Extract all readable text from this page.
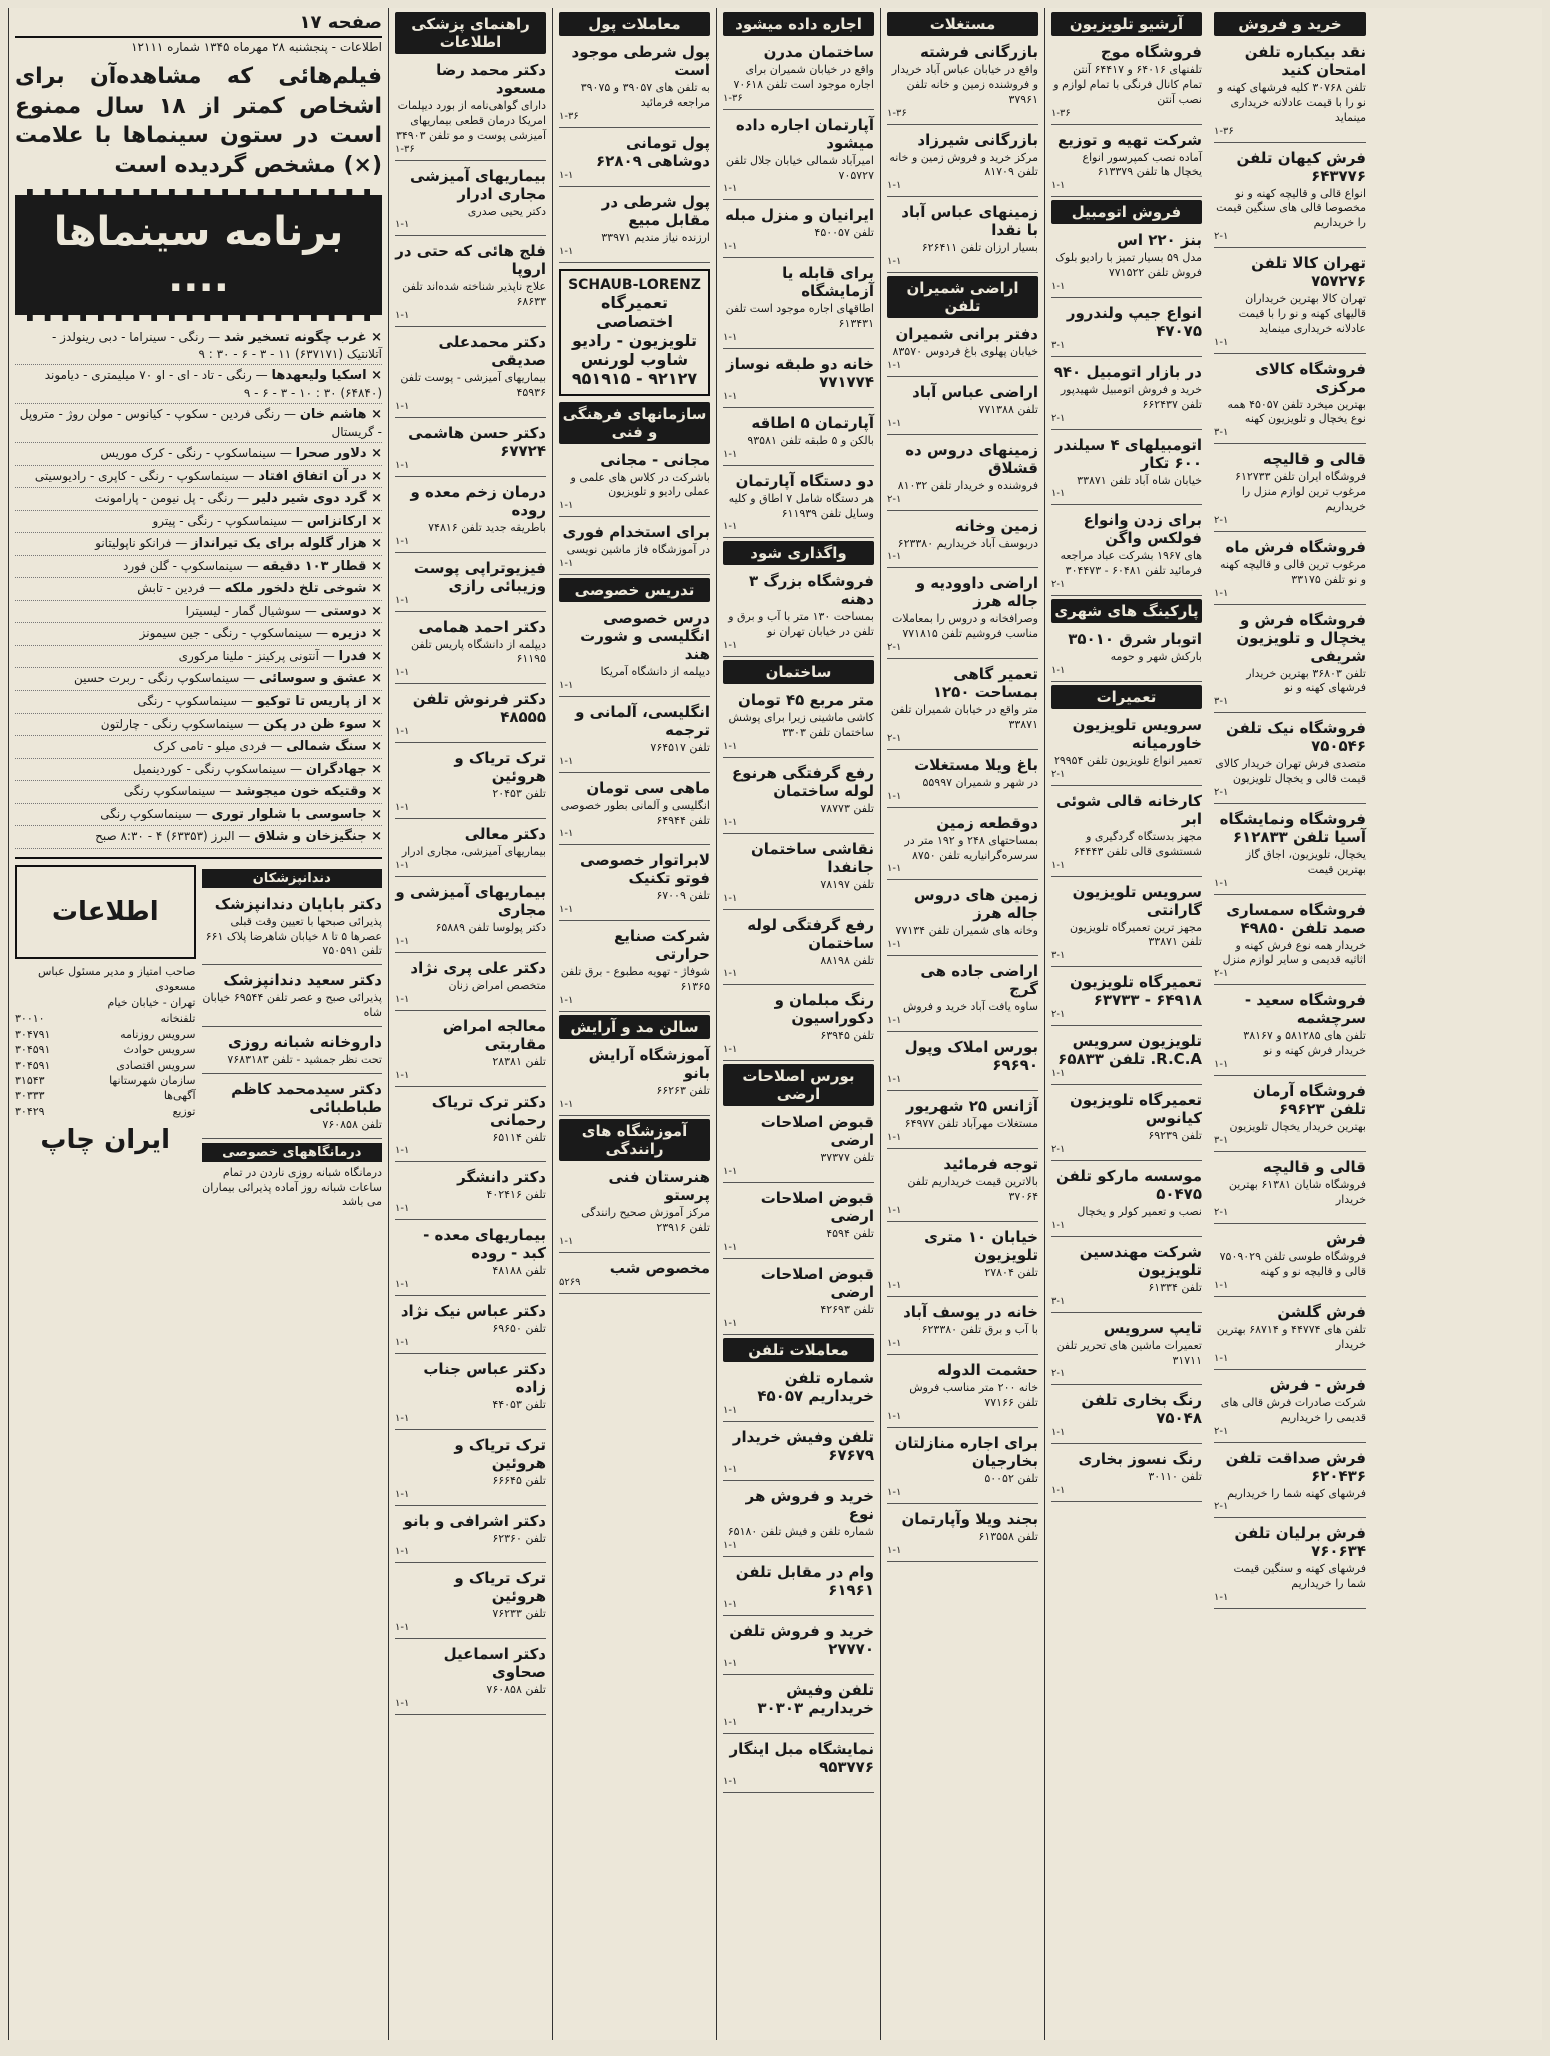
صفحه ۱۷
اطلاعات - پنجشنبه ۲۸ مهرماه ۱۳۴۵ شماره ۱۲۱۱۱
فیلم‌هائی که مشاهده‌آن برای اشخاص کمتر از ۱۸ سال ممنوع است در ستون سینماها با علامت (×) مشخص گردیده است
برنامه سینماها ....
× غرب چگونه تسخیر شد — رنگی - سینراما - دبی رینولدز - آتلانتیک (۶۳۷۱۷۱) ۱۱ - ۳ - ۶ - ۳۰ : ۹
× اسکیا ولیعهدها — رنگی - تاد - ای - او ۷۰ میلیمتری - دیاموند (۶۴۸۴۰) ۳۰ : ۱۰ - ۳ - ۶ - ۹
× هاشم خان — رنگی فردین - سکوپ - کیانوس - مولن روژ - متروپل - گریستال
× دلاور صحرا — سینماسکوپ - رنگی - کرک موریس
× در آن اتفاق افتاد — سینماسکوپ - رنگی - کاپری - رادیوسیتی
× گرد دوی شیر دلیر — رنگی - پل نیومن - پارامونت
× ارکانزاس — سینماسکوپ - رنگی - پیترو
× هزار گلوله برای یک تیرانداز — فرانکو ناپولیتانو
× قطار ۱۰۳ دقیقه — سینماسکوپ - گلن فورد
× شوخی تلخ دلخور ملکه — فردین - تابش
× دوستی — سوشیال گمار - لیسیترا
× دزیره — سینماسکوپ - رنگی - جین سیمونز
× فدرا — آنتونی پرکینز - ملینا مرکوری
× عشق و سوسائی — سینماسکوپ رنگی - ربرت حسین
× از پاریس تا توکیو — سینماسکوپ - رنگی
× سوء ظن در پکن — سینماسکوپ رنگی - چارلتون
× سنگ شمالی — فردی میلو - تامی کرک
× جهادگران — سینماسکوپ رنگی - کوردینمیل
× وقتیکه خون میجوشد — سینماسکوپ رنگی
× جاسوسی با شلوار توری — سینماسکوپ رنگی
× جنگیزخان و شلاق — البرز (۶۳۳۵۳) ۴ - ۸:۳۰ صبح
دندانپزشکان
دکتر بابایان دندانپزشک
پذیرائی صبحها با تعیین وقت قبلی عصرها ۵ تا ۸ خیابان شاهرضا پلاک ۶۶۱ تلفن ۷۵۰۵۹۱
دکتر سعید دندانپزشک
پذیرائی صبح و عصر تلفن ۶۹۵۴۴ خیابان شاه
داروخانه شبانه روزی
تحت نظر جمشید - تلفن ۷۶۸۳۱۸۳
دکتر سیدمحمد کاظم طباطبائی
تلفن ۷۶۰۸۵۸
درمانگاههای خصوصی
درمانگاه شبانه روزی ناردن در تمام ساعات شبانه روز آماده پذیرائی بیماران می باشد
اطلاعات
صاحب امتیاز و مدیر مسئول عباس مسعودی
تهران - خیابان خیام
تلفنخانه
۳۰۰۱۰
سرویس روزنامه
۳۰۴۷۹۱
سرویس حوادث
۳۰۴۵۹۱
سرویس اقتصادی
۳۰۴۵۹۱
سازمان شهرستانها
۳۱۵۴۳
آگهی‌ها
۳۰۳۳۳
توزیع
۳۰۴۲۹
ایران چاپ
راهنمای پزشکی اطلاعات
دکتر محمد رضا مسعود
دارای گواهی‌نامه از بورد دیپلمات امریکا درمان قطعی بیماریهای آمیزشی پوست و مو تلفن ۳۴۹۰۳
۱-۳۶
بیماریهای آمیزشی مجاری ادرار
دکتر یحیی صدری
۱-۱
فلج هائی که حتی در اروپا
علاج ناپذیر شناخته شده‌اند تلفن ۶۸۶۳۳
۱-۱
دکتر محمدعلی صدیقی
بیماریهای آمیزشی - پوست تلفن ۴۵۹۳۶
۱-۱
دکتر حسن هاشمی ۶۷۷۲۴
۱-۱
درمان زخم معده و روده
باطریقه جدید تلفن ۷۴۸۱۶
۱-۱
فیزیوتراپی پوست وزیبائی رازی
۱-۱
دکتر احمد همامی
دیپلمه از دانشگاه پاریس تلفن ۶۱۱۹۵
۱-۱
دکتر فرنوش تلفن ۴۸۵۵۵
۱-۱
ترک تریاک و هروئین
تلفن ۲۰۴۵۳
۱-۱
دکتر معالی
بیماریهای آمیزشی، مجاری ادرار
۱-۱
بیماریهای آمیزشی و مجاری
دکتر پولوسا تلفن ۶۵۸۸۹
۱-۱
دکتر علی پری نژاد
متخصص امراض زنان
۱-۱
معالجه امراض مقاربتی
تلفن ۲۸۳۸۱
۱-۱
دکتر ترک تریاک رحمانی
تلفن ۶۵۱۱۴
۱-۱
دکتر دانشگر
تلفن ۴۰۲۴۱۶
۱-۱
بیماریهای معده - کبد - روده
تلفن ۴۸۱۸۸
۱-۱
دکتر عباس نیک نژاد
تلفن ۶۹۶۵۰
۱-۱
دکتر عباس جناب زاده
تلفن ۴۴۰۵۳
۱-۱
ترک تریاک و هروئین
تلفن ۶۶۶۴۵
۱-۱
دکتر اشرافی و بانو
تلفن ۶۲۳۶۰
۱-۱
ترک تریاک و هروئین
تلفن ۷۶۲۳۳
۱-۱
دکتر اسماعیل صحاوی
تلفن ۷۶۰۸۵۸
۱-۱
معاملات پول
پول شرطی موجود است
به تلفن های ۳۹۰۵۷ و ۳۹۰۷۵ مراجعه فرمائید
۱-۳۶
پول تومانی دوشاهی ۶۲۸۰۹
۱-۱
پول شرطی در مقابل مبیع
ارزنده نیاز مندیم ۳۳۹۷۱
۱-۱
SCHAUB-LORENZ
تعمیرگاه اختصاصی تلویزیون - رادیو شاوب لورنس
۹۲۱۲۷ - ۹۵۱۹۱۵
سازمانهای فرهنگی و فنی
مجانی - مجانی
باشرکت در کلاس های علمی و عملی رادیو و تلویزیون
۱-۱
برای استخدام فوری
در آموزشگاه فاز ماشین نویسی
۱-۱
تدریس خصوصی
درس خصوصی انگلیسی و شورت هند
دیپلمه از دانشگاه آمریکا
۱-۱
انگلیسی، آلمانی و ترجمه
تلفن ۷۶۴۵۱۷
۱-۱
ماهی سی تومان
انگلیسی و آلمانی بطور خصوصی تلفن ۶۴۹۴۴
۱-۱
لابراتوار خصوصی فوتو تکنیک
تلفن ۶۷۰۰۹
۱-۱
شرکت صنایع حرارتی
شوفاژ - تهویه مطبوع - برق تلفن ۶۱۳۶۵
۱-۱
سالن مد و آرایش
آموزشگاه آرایش بانو
تلفن ۶۶۲۶۳
۱-۱
آموزشگاه های رانندگی
هنرستان فنی پرستو
مرکز آموزش صحیح رانندگی تلفن ۲۳۹۱۶
۱-۱
مخصوص شب
۵۲۶۹
اجاره داده میشود
ساختمان مدرن
واقع در خیابان شمیران برای اجاره موجود است تلفن ۷۰۶۱۸
۱-۳۶
آپارتمان اجاره داده میشود
امیرآباد شمالی خیابان جلال تلفن ۷۰۵۷۲۷
۱-۱
ایرانیان و منزل مبله
تلفن ۴۵۰۰۵۷
۱-۱
برای قابله یا آزمایشگاه
اطاقهای اجاره موجود است تلفن ۶۱۳۴۳۱
۱-۱
خانه دو طبقه نوساز ۷۷۱۷۷۴
۱-۱
آپارتمان ۵ اطاقه
بالکن و ۵ طبقه تلفن ۹۳۵۸۱
۱-۱
دو دستگاه آپارتمان
هر دستگاه شامل ۷ اطاق و کلیه وسایل تلفن ۶۱۱۹۳۹
۱-۱
واگذاری شود
فروشگاه بزرگ ۳ دهنه
بمساحت ۱۳۰ متر با آب و برق و تلفن در خیابان تهران نو
۱-۱
ساختمان
متر مربع ۴۵ تومان
کاشی ماشینی زیرا برای پوشش ساختمان تلفن ۳۳۰۳
۱-۱
رفع گرفتگی هرنوع لوله ساختمان
تلفن ۷۸۷۷۳
۱-۱
نقاشی ساختمان جانفدا
تلفن ۷۸۱۹۷
۱-۱
رفع گرفتگی لوله ساختمان
تلفن ۸۸۱۹۸
۱-۱
رنگ مبلمان و دکوراسیون
تلفن ۶۳۹۴۵
۱-۱
بورس اصلاحات ارضی
قبوض اصلاحات ارضی
تلفن ۳۷۳۷۷
۱-۱
قبوض اصلاحات ارضی
تلفن ۴۵۹۴
۱-۱
قبوض اصلاحات ارضی
تلفن ۴۲۶۹۳
۱-۱
معاملات تلفن
شماره تلفن خریداریم ۴۵۰۵۷
۱-۱
تلفن وفیش خریدار ۶۷۶۷۹
۱-۱
خرید و فروش هر نوع
شماره تلفن و فیش تلفن ۶۵۱۸۰
۱-۱
وام در مقابل تلفن ۶۱۹۶۱
۱-۱
خرید و فروش تلفن ۲۷۷۷۰
۱-۱
تلفن وفیش خریداریم ۳۰۳۰۳
۱-۱
نمایشگاه مبل اینگار ۹۵۳۷۷۶
۱-۱
مستغلات
بازرگانی فرشته
واقع در خیابان عباس آباد خریدار و فروشنده زمین و خانه تلفن ۳۷۹۶۱
۱-۳۶
بازرگانی شیرزاد
مرکز خرید و فروش زمین و خانه تلفن ۸۱۷۰۹
۱-۱
زمینهای عباس آباد با نقدا
بسیار ارزان تلفن ۶۲۶۴۱۱
۱-۱
اراضی شمیران تلفن
دفتر برانی شمیران
خیابان پهلوی باغ فردوس ۸۳۵۷۰
۱-۱
اراضی عباس آباد
تلفن ۷۷۱۳۸۸
۱-۱
زمینهای دروس ده قشلاق
فروشنده و خریدار تلفن ۸۱۰۳۲
۲-۱
زمین وخانه
دربوسف آباد خریداریم ۶۲۳۳۸۰
۱-۱
اراضی داوودیه و جاله هرز
وصرافخانه و دروس را بمعاملات مناسب فروشیم تلفن ۷۷۱۸۱۵
۲-۱
تعمیر گاهی بمساحت ۱۲۵۰
متر واقع در خیابان شمیران تلفن ۳۳۸۷۱
۲-۱
باغ ویلا مستغلات
در شهر و شمیران ۵۵۹۹۷
۱-۱
دوقطعه زمین
بمساحتهای ۲۴۸ و ۱۹۲ متر در سرسره‌گرانیاریه تلفن ۸۷۵۰
۱-۱
زمین های دروس جاله هرز
وخانه های شمیران تلفن ۷۷۱۳۴
۱-۱
اراضی جاده هی گرج
ساوه یافت آباد خرید و فروش
۱-۱
بورس املاک وپول ۶۹۶۹۰
۱-۱
آژانس ۲۵ شهریور
مستغلات مهرآباد تلفن ۶۴۹۷۷
۱-۱
توجه فرمائید
بالاترین قیمت خریداریم تلفن ۳۷۰۶۴
۱-۱
خیابان ۱۰ متری تلویزیون
تلفن ۲۷۸۰۴
۱-۱
خانه در یوسف آباد
با آب و برق تلفن ۶۲۳۳۸۰
۱-۱
حشمت الدوله
خانه ۲۰۰ متر مناسب فروش تلفن ۷۷۱۶۶
۱-۱
برای اجاره منازلتان بخارجیان
تلفن ۵۰۰۵۲
۱-۱
بجند ویلا وآپارتمان
تلفن ۶۱۳۵۵۸
۱-۱
آرشیو تلویزیون
فروشگاه موج
تلفنهای ۶۴۰۱۶ و ۶۴۴۱۷ آنتن تمام کانال فرنگی با تمام لوازم و نصب آنتن
۱-۳۶
شرکت تهیه و توزیع
آماده نصب کمپرسور انواع یخچال ها تلفن ۶۱۳۳۷۹
۱-۱
فروش اتومبیل
بنز ۲۲۰ اس
مدل ۵۹ بسیار تمیز با رادیو بلوک فروش تلفن ۷۷۱۵۲۲
۱-۱
انواع جیپ ولندرور ۴۷۰۷۵
۳-۱
در بازار اتومبیل ۹۴۰
خرید و فروش اتومبیل شهیدپور تلفن ۶۶۲۴۳۷
۲-۱
اتومبیلهای ۴ سیلندر ۶۰۰ تکار
خیابان شاه آباد تلفن ۳۳۸۷۱
۱-۱
برای زدن وانواع فولکس واگن
های ۱۹۶۷ بشرکت عباد مراجعه فرمائید تلفن ۶۰۴۸۱ - ۳۰۴۴۷۳
۲-۱
پارکینگ های شهری
اتوبار شرق ۳۵۰۱۰
بارکش شهر و حومه
۱-۱
تعمیرات
سرویس تلویزیون خاورمیانه
تعمیر انواع تلویزیون تلفن ۲۹۹۵۴
۲-۱
کارخانه قالی شوئی ابر
مجهز بدستگاه گردگیری و شستشوی قالی تلفن ۶۴۴۴۳
۱-۱
سرویس تلویزیون گارانتی
مجهز ترین تعمیرگاه تلویزیون تلفن ۳۳۸۷۱
۳-۱
تعمیرگاه تلویزیون ۶۴۹۱۸ - ۶۳۷۳۳
۲-۱
تلویزیون سرویس R.C.A. تلفن ۶۵۸۳۳
۱-۱
تعمیرگاه تلویزیون کیانوس
تلفن ۶۹۲۳۹
۲-۱
موسسه مارکو تلفن ۵۰۴۷۵
نصب و تعمیر کولر و یخچال
۱-۱
شرکت مهندسین تلویزیون
تلفن ۶۱۳۳۴
۳-۱
تایپ سرویس
تعمیرات ماشین های تحریر تلفن ۳۱۷۱۱
۲-۱
رنگ بخاری تلفن ۷۵۰۴۸
۱-۱
رنگ نسوز بخاری
تلفن ۳۰۱۱۰
۱-۱
خرید و فروش
نقد بیکباره تلفن امتحان کنید
تلفن ۳۰۷۶۸ کلیه فرشهای کهنه و نو را با قیمت عادلانه خریداری مینماید
۱-۳۶
فرش کیهان تلفن ۶۴۳۷۷۶
انواع قالی و قالیچه کهنه و نو مخصوصا قالی های سنگین قیمت را خریداریم
۲-۱
تهران کالا تلفن ۷۵۷۲۷۶
تهران کالا بهترین خریداران قالیهای کهنه و نو را با قیمت عادلانه خریداری مینماید
۱-۱
فروشگاه کالای مرکزی
بهترین میخرد تلفن ۴۵۰۵۷ همه نوع یخچال و تلویزیون کهنه
۳-۱
قالی و قالیچه
فروشگاه ایران تلفن ۶۱۲۷۳۳ مرغوب ترین لوازم منزل را خریداریم
۲-۱
فروشگاه فرش ماه
مرغوب ترین قالی و قالیچه کهنه و نو تلفن ۳۳۱۷۵
۱-۱
فروشگاه فرش و یخچال و تلویزیون شریفی
تلفن ۳۶۸۰۳ بهترین خریدار فرشهای کهنه و نو
۳-۱
فروشگاه نیک تلفن ۷۵۰۵۴۶
متصدی فرش تهران خریدار کالای قیمت قالی و یخچال تلویزیون
۲-۱
فروشگاه ونمایشگاه آسیا تلفن ۶۱۲۸۳۳
یخچال، تلویزیون، اجاق گاز بهترین قیمت
۱-۱
فروشگاه سمسارى صمد تلفن ۴۹۸۵۰
خریدار همه نوع فرش کهنه و اثاثیه قدیمی و سایر لوازم منزل
۲-۱
فروشگاه سعید - سرچشمه
تلفن های ۵۸۱۲۸۵ و ۳۸۱۶۷ خریدار فرش کهنه و نو
۱-۱
فروشگاه آرمان تلفن ۶۹۶۲۳
بهترین خریدار یخچال تلویزیون
۳-۱
قالی و قالیچه
فروشگاه شایان ۶۱۳۸۱ بهترین خریدار
۲-۱
فرش
فروشگاه طوسی تلفن ۷۵۰۹۰۲۹ قالی و قالیچه نو و کهنه
۱-۱
فرش گلشن
تلفن های ۴۴۷۷۴ و ۶۸۷۱۴ بهترین خریدار
۱-۱
فرش - فرش
شرکت صادرات فرش قالی های قدیمی را خریداریم
۲-۱
فرش صداقت تلفن ۶۲۰۴۳۶
فرشهای کهنه شما را خریداریم
۲-۱
فرش برلیان تلفن ۷۶۰۶۳۴
فرشهای کهنه و سنگین قیمت شما را خریداریم
۱-۱
